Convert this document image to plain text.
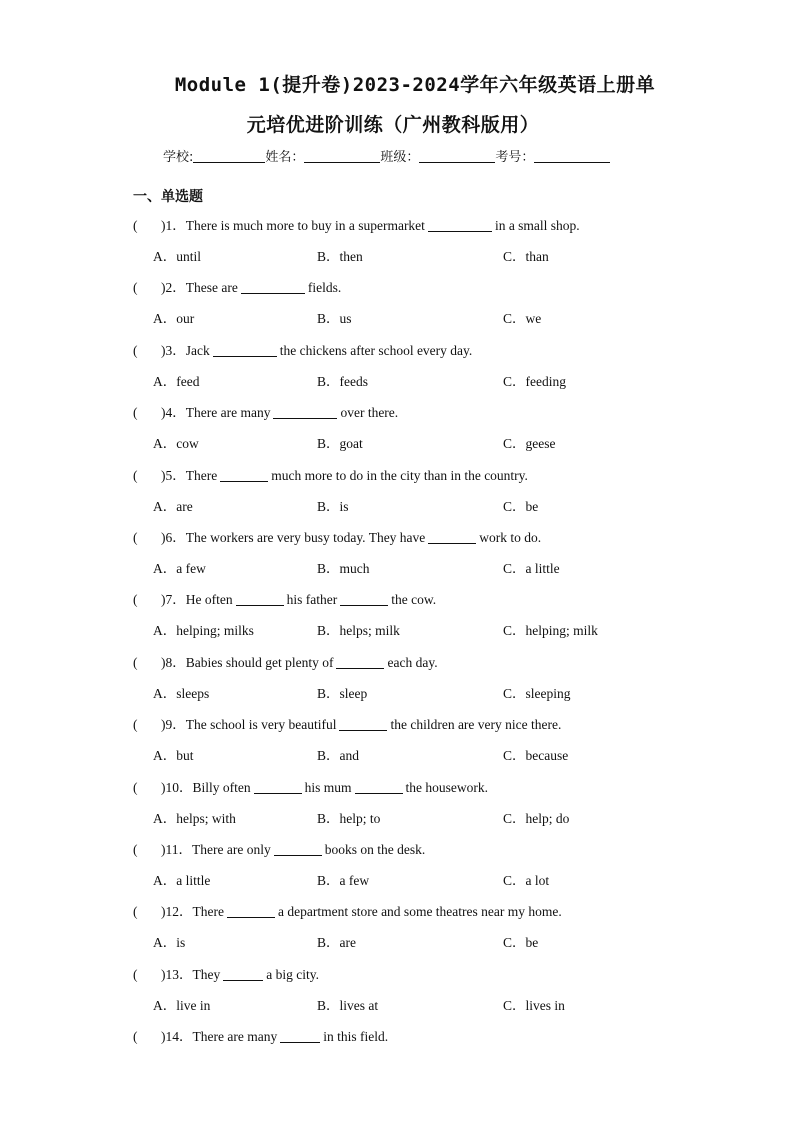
Module 1(提升卷)2023-2024学年六年级英语上册单
元培优进阶训练（广州教科版用）
学校:	姓名：	班级：	考号：
一、单选题
( )1．There is much more to buy in a supermarket	in a small shop.
A．until	B．then	C．than
( )2．These are	fields.
A．our	B．us	C．we
( )3．Jack	the chickens after school every day.
A．feed	B．feeds	C．feeding
( )4．There are many	over there.
A．cow	B．goat	C．geese
( )5．There	much more to do in the city than in the country.
A．are	B．is	C．be
( )6．The workers are very busy today. They have	work to do.
A．a few	B．much	C．a little
( )7．He often	his father	the cow.
A．helping; milks	B．helps; milk	C．helping; milk
( )8．Babies should get plenty of	each day.
A．sleeps	B．sleep	C．sleeping
( )9．The school is very beautiful	the children are very nice there.
A．but	B．and	C．because
( )10．Billy often	his mum	the housework.
A．helps; with	B．help; to	C．help; do
( )11．There are only	books on the desk.
A．a little	B．a few	C．a lot
( )12．There	a department store and some theatres near my home.
A．is	B．are	C．be
( )13．They	a big city.
A．live in	B．lives at	C．lives in
( )14．There are many	in this field.
